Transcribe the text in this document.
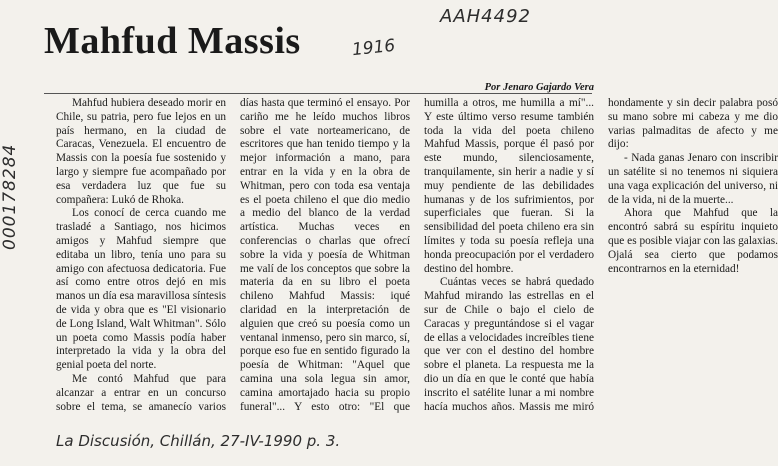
Mahfud Massis	1916
AAH4492
000178284
Por Jenaro Gajardo Vera

Mahfud hubiera deseado morir en Chile, su patria, pero fue lejos en un país hermano, en la ciudad de Caracas, Venezuela. El encuentro de Massis con la poesía fue sostenido y largo y siempre fue acompañado por esa verdadera luz que fue su compañera: Lukó de Rhoka.

Los conocí de cerca cuando me trasladé a Santiago, nos hicimos amigos y Mahfud siempre que editaba un libro, tenía uno para su amigo con afectuosa dedicatoria. Fue así como entre otros dejó en mis manos un día esa maravillosa síntesis de vida y obra que es "El visionario de Long Island, Walt Whitman". Sólo un poeta como Massis podía haber interpretado la vida y la obra del genial poeta del norte.

Me contó Mahfud que para alcanzar a entrar en un concurso sobre el tema, se amanecío varios días hasta que terminó el ensayo. Por cariño me he leído muchos libros sobre el vate norteamericano, de escritores que han tenido tiempo y la mejor información a mano, para entrar en la vida y en la obra de Whitman, pero con toda esa ventaja es el poeta chileno el que dio medio a medio del blanco de la verdad artística. Muchas veces en conferencias o charlas que ofrecí sobre la vida y poesía de Whitman me valí de los conceptos que sobre la materia da en su libro el poeta chileno Mahfud Massis: iqué claridad en la interpretación de alguien que creó su poesía como un ventanal inmenso, pero sin marco, sí, porque eso fue en sentido figurado la poesía de Whitman: "Aquel que camina una sola legua sin amor, camina amortajado hacia su propio funeral"... Y esto otro: "El que humilla a otros, me humilla a mí"... Y este último verso resume también toda la vida del poeta chileno Mahfud Massis, porque él pasó por este mundo, silenciosamente, tranquilamente, sin herir a nadie y sí muy pendiente de las debilidades humanas y de los sufrimientos, por superficiales que fueran. Si la sensibilidad del poeta chileno era sin límites y toda su poesía refleja una honda preocupación por el verdadero destino del hombre.

Cuántas veces se habrá quedado Mahfud mirando las estrellas en el sur de Chile o bajo el cielo de Caracas y preguntándose si el vagar de ellas a velocidades increíbles tiene que ver con el destino del hombre sobre el planeta. La respuesta me la dio un día en que le conté que había inscrito el satélite lunar a mi nombre hacía muchos años. Massis me miró hondamente y sin decir palabra posó su mano sobre mi cabeza y me dio varias palmaditas de afecto y me dijo:

- Nada ganas Jenaro con inscribir un satélite si no tenemos ni siquiera una vaga explicación del universo, ni de la vida, ni de la muerte...

Ahora que Mahfud que la encontró sabrá su espíritu inquieto que es posible viajar con las galaxias. Ojalá sea cierto que podamos encontrarnos en la eternidad!

La Discusión, Chillán, 27-IV-1990 p. 3.
